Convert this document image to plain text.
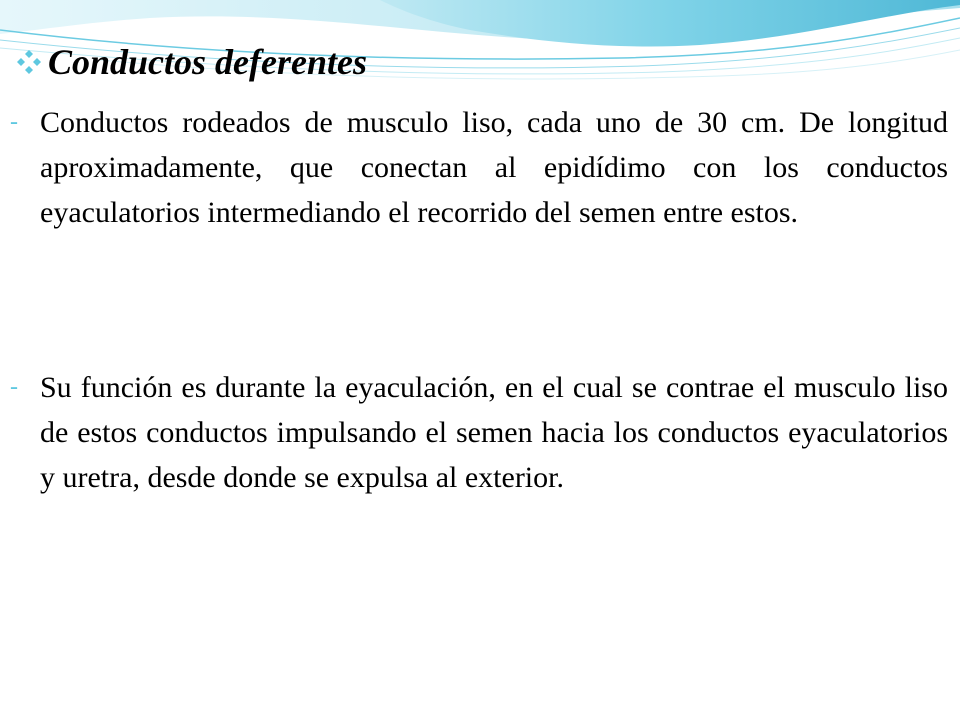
Conductos deferentes
- Conductos rodeados de musculo liso, cada uno de 30 cm. De longitud aproximadamente, que conectan al epidídimo con los conductos eyaculatorios intermediando el recorrido del semen entre estos.
- Su función es durante la eyaculación, en el cual se contrae el musculo liso de estos conductos impulsando el semen hacia los conductos eyaculatorios y uretra, desde donde se expulsa al exterior.
